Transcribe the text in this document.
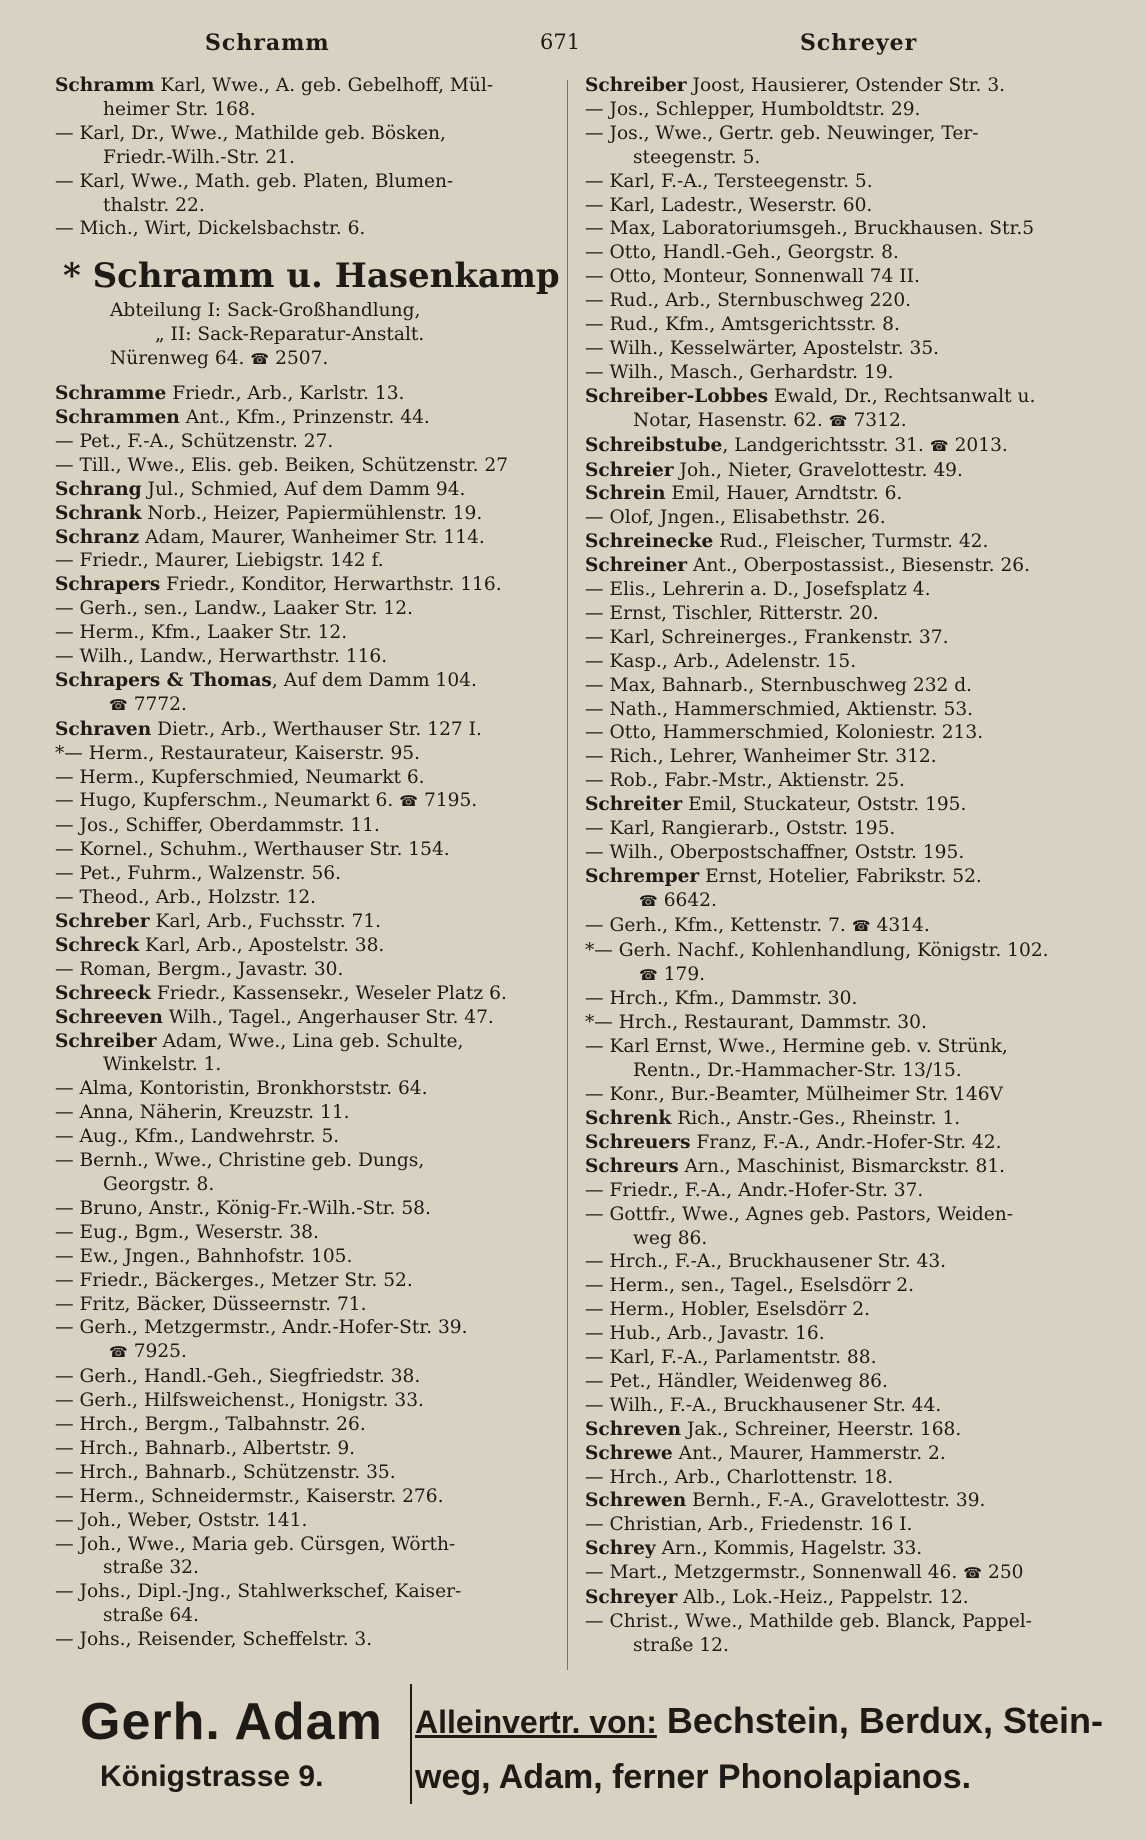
Schramm	671	Schreyer
Schramm Karl, Wwe., A. geb. Gebelhoff, Mül-
heimer Str. 168.
— Karl, Dr., Wwe., Mathilde geb. Bösken,
Friedr.-Wilh.-Str. 21.
— Karl, Wwe., Math. geb. Platen, Blumen-
thalstr. 22.
— Mich., Wirt, Dickelsbachstr. 6.
* Schramm u. Hasenkamp
Abteilung I: Sack-Großhandlung,
„ II: Sack-Reparatur-Anstalt.
Nürenweg 64. ☎ 2507.
Schramme Friedr., Arb., Karlstr. 13.
Schrammen Ant., Kfm., Prinzenstr. 44.
— Pet., F.-A., Schützenstr. 27.
— Till., Wwe., Elis. geb. Beiken, Schützenstr. 27
Schrang Jul., Schmied, Auf dem Damm 94.
Schrank Norb., Heizer, Papiermühlenstr. 19.
Schranz Adam, Maurer, Wanheimer Str. 114.
— Friedr., Maurer, Liebigstr. 142 f.
Schrapers Friedr., Konditor, Herwarthstr. 116.
— Gerh., sen., Landw., Laaker Str. 12.
— Herm., Kfm., Laaker Str. 12.
— Wilh., Landw., Herwarthstr. 116.
Schrapers & Thomas, Auf dem Damm 104.
☎ 7772.
Schraven Dietr., Arb., Werthauser Str. 127 I.
*— Herm., Restaurateur, Kaiserstr. 95.
— Herm., Kupferschmied, Neumarkt 6.
— Hugo, Kupferschm., Neumarkt 6. ☎ 7195.
— Jos., Schiffer, Oberdammstr. 11.
— Kornel., Schuhm., Werthauser Str. 154.
— Pet., Fuhrm., Walzenstr. 56.
— Theod., Arb., Holzstr. 12.
Schreber Karl, Arb., Fuchsstr. 71.
Schreck Karl, Arb., Apostelstr. 38.
— Roman, Bergm., Javastr. 30.
Schreeck Friedr., Kassensekr., Weseler Platz 6.
Schreeven Wilh., Tagel., Angerhauser Str. 47.
Schreiber Adam, Wwe., Lina geb. Schulte,
Winkelstr. 1.
— Alma, Kontoristin, Bronkhorststr. 64.
— Anna, Näherin, Kreuzstr. 11.
— Aug., Kfm., Landwehrstr. 5.
— Bernh., Wwe., Christine geb. Dungs,
Georgstr. 8.
— Bruno, Anstr., König-Fr.-Wilh.-Str. 58.
— Eug., Bgm., Weserstr. 38.
— Ew., Jngen., Bahnhofstr. 105.
— Friedr., Bäckerges., Metzer Str. 52.
— Fritz, Bäcker, Düsseernstr. 71.
— Gerh., Metzgermstr., Andr.-Hofer-Str. 39.
☎ 7925.
— Gerh., Handl.-Geh., Siegfriedstr. 38.
— Gerh., Hilfsweichenst., Honigstr. 33.
— Hrch., Bergm., Talbahnstr. 26.
— Hrch., Bahnarb., Albertstr. 9.
— Hrch., Bahnarb., Schützenstr. 35.
— Herm., Schneidermstr., Kaiserstr. 276.
— Joh., Weber, Oststr. 141.
— Joh., Wwe., Maria geb. Cürsgen, Wörth-
straße 32.
— Johs., Dipl.-Jng., Stahlwerkschef, Kaiser-
straße 64.
— Johs., Reisender, Scheffelstr. 3.
Schreiber Joost, Hausierer, Ostender Str. 3.
— Jos., Schlepper, Humboldtstr. 29.
— Jos., Wwe., Gertr. geb. Neuwinger, Ter-
steegenstr. 5.
— Karl, F.-A., Tersteegenstr. 5.
— Karl, Ladestr., Weserstr. 60.
— Max, Laboratoriumsgeh., Bruckhausen. Str.5
— Otto, Handl.-Geh., Georgstr. 8.
— Otto, Monteur, Sonnenwall 74 II.
— Rud., Arb., Sternbuschweg 220.
— Rud., Kfm., Amtsgerichtsstr. 8.
— Wilh., Kesselwärter, Apostelstr. 35.
— Wilh., Masch., Gerhardstr. 19.
Schreiber-Lobbes Ewald, Dr., Rechtsanwalt u.
Notar, Hasenstr. 62. ☎ 7312.
Schreibstube, Landgerichtsstr. 31. ☎ 2013.
Schreier Joh., Nieter, Gravelottestr. 49.
Schrein Emil, Hauer, Arndtstr. 6.
— Olof, Jngen., Elisabethstr. 26.
Schreinecke Rud., Fleischer, Turmstr. 42.
Schreiner Ant., Oberpostassist., Biesenstr. 26.
— Elis., Lehrerin a. D., Josefsplatz 4.
— Ernst, Tischler, Ritterstr. 20.
— Karl, Schreinerges., Frankenstr. 37.
— Kasp., Arb., Adelenstr. 15.
— Max, Bahnarb., Sternbuschweg 232 d.
— Nath., Hammerschmied, Aktienstr. 53.
— Otto, Hammerschmied, Koloniestr. 213.
— Rich., Lehrer, Wanheimer Str. 312.
— Rob., Fabr.-Mstr., Aktienstr. 25.
Schreiter Emil, Stuckateur, Oststr. 195.
— Karl, Rangierarb., Oststr. 195.
— Wilh., Oberpostschaffner, Oststr. 195.
Schremper Ernst, Hotelier, Fabrikstr. 52.
☎ 6642.
— Gerh., Kfm., Kettenstr. 7. ☎ 4314.
*— Gerh. Nachf., Kohlenhandlung, Königstr. 102.
☎ 179.
— Hrch., Kfm., Dammstr. 30.
*— Hrch., Restaurant, Dammstr. 30.
— Karl Ernst, Wwe., Hermine geb. v. Strünk,
Rentn., Dr.-Hammacher-Str. 13/15.
— Konr., Bur.-Beamter, Mülheimer Str. 146V
Schrenk Rich., Anstr.-Ges., Rheinstr. 1.
Schreuers Franz, F.-A., Andr.-Hofer-Str. 42.
Schreurs Arn., Maschinist, Bismarckstr. 81.
— Friedr., F.-A., Andr.-Hofer-Str. 37.
— Gottfr., Wwe., Agnes geb. Pastors, Weiden-
weg 86.
— Hrch., F.-A., Bruckhausener Str. 43.
— Herm., sen., Tagel., Eselsdörr 2.
— Herm., Hobler, Eselsdörr 2.
— Hub., Arb., Javastr. 16.
— Karl, F.-A., Parlamentstr. 88.
— Pet., Händler, Weidenweg 86.
— Wilh., F.-A., Bruckhausener Str. 44.
Schreven Jak., Schreiner, Heerstr. 168.
Schrewe Ant., Maurer, Hammerstr. 2.
— Hrch., Arb., Charlottenstr. 18.
Schrewen Bernh., F.-A., Gravelottestr. 39.
— Christian, Arb., Friedenstr. 16 I.
Schrey Arn., Kommis, Hagelstr. 33.
— Mart., Metzgermstr., Sonnenwall 46. ☎ 250
Schreyer Alb., Lok.-Heiz., Pappelstr. 12.
— Christ., Wwe., Mathilde geb. Blanck, Pappel-
straße 12.
Gerh. Adam
Königstrasse 9.
Alleinvertr. von: Bechstein, Berdux, Stein-
weg, Adam, ferner Phonolapianos.
